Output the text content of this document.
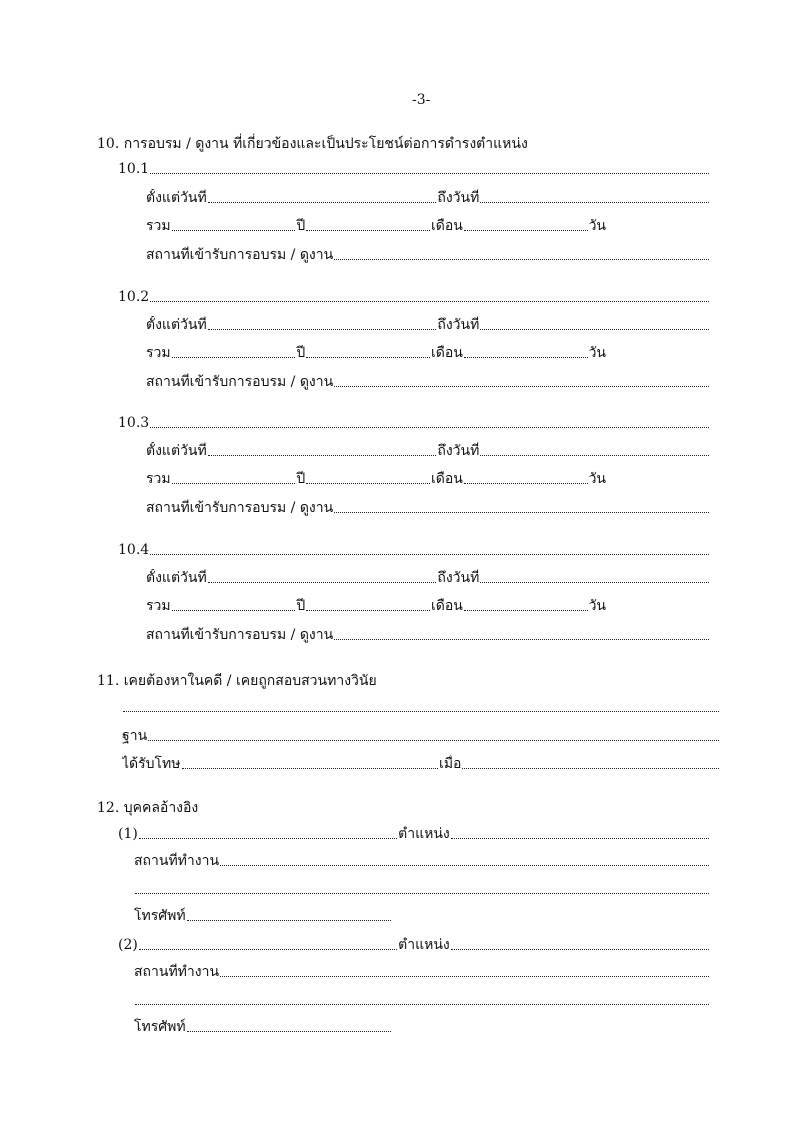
-3-
10. การอบรม / ดูงาน ที่เกี่ยวข้องและเป็นประโยชน์ต่อการดำรงตำแหน่ง
10.1
ตั้งแต่วันที่	ถึงวันที่
รวม	ปี	เดือน	วัน
สถานที่เข้ารับการอบรม / ดูงาน
10.2
ตั้งแต่วันที่	ถึงวันที่
รวม	ปี	เดือน	วัน
สถานที่เข้ารับการอบรม / ดูงาน
10.3
ตั้งแต่วันที่	ถึงวันที่
รวม	ปี	เดือน	วัน
สถานที่เข้ารับการอบรม / ดูงาน
10.4
ตั้งแต่วันที่	ถึงวันที่
รวม	ปี	เดือน	วัน
สถานที่เข้ารับการอบรม / ดูงาน
11. เคยต้องหาในคดี / เคยถูกสอบสวนทางวินัย
ฐาน
ได้รับโทษ	เมื่อ
12. บุคคลอ้างอิง
(1)	ตำแหน่ง
สถานที่ทำงาน
โทรศัพท์
(2)	ตำแหน่ง
สถานที่ทำงาน
โทรศัพท์
